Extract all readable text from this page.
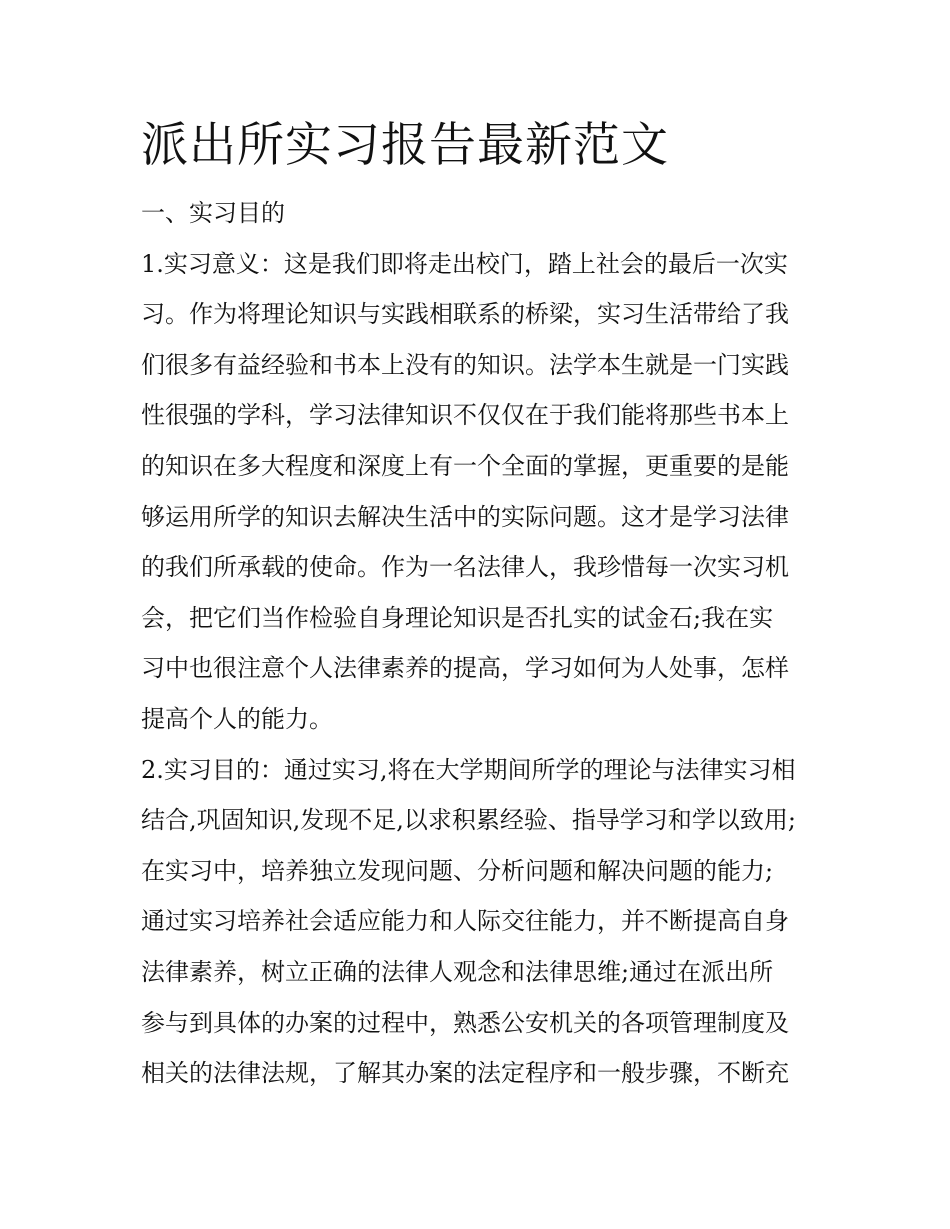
派出所实习报告最新范文
一、实习目的
1.实习意义：这是我们即将走出校门，踏上社会的最后一次实
习。作为将理论知识与实践相联系的桥梁，实习生活带给了我
们很多有益经验和书本上没有的知识。法学本生就是一门实践
性很强的学科，学习法律知识不仅仅在于我们能将那些书本上
的知识在多大程度和深度上有一个全面的掌握，更重要的是能
够运用所学的知识去解决生活中的实际问题。这才是学习法律
的我们所承载的使命。作为一名法律人，我珍惜每一次实习机
会，把它们当作检验自身理论知识是否扎实的试金石;我在实
习中也很注意个人法律素养的提高，学习如何为人处事，怎样
提高个人的能力。
2.实习目的：通过实习,将在大学期间所学的理论与法律实习相
结合,巩固知识,发现不足,以求积累经验、指导学习和学以致用;
在实习中，培养独立发现问题、分析问题和解决问题的能力;
通过实习培养社会适应能力和人际交往能力，并不断提高自身
法律素养，树立正确的法律人观念和法律思维;通过在派出所
参与到具体的办案的过程中，熟悉公安机关的各项管理制度及
相关的法律法规，了解其办案的法定程序和一般步骤，不断充
